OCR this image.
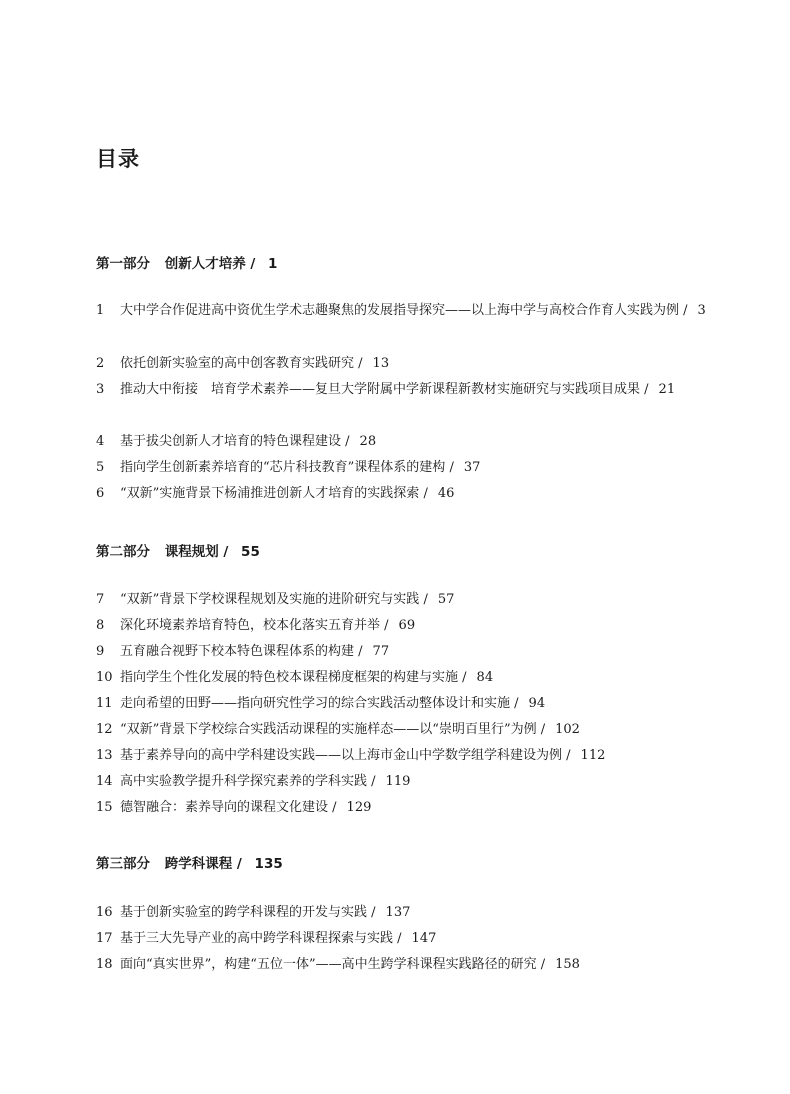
目录
第一部分 创新人才培养 / 1
1	大中学合作促进高中资优生学术志趣聚焦的发展指导探究——以上海中学与高校合作育人实践为例 / 3
2	依托创新实验室的高中创客教育实践研究 / 13
3	推动大中衔接　培育学术素养——复旦大学附属中学新课程新教材实施研究与实践项目成果 / 21
4	基于拔尖创新人才培育的特色课程建设 / 28
5	指向学生创新素养培育的“芯片科技教育”课程体系的建构 / 37
6	“双新”实施背景下杨浦推进创新人才培育的实践探索 / 46
第二部分 课程规划 / 55
7	“双新”背景下学校课程规划及实施的进阶研究与实践 / 57
8	深化环境素养培育特色，校本化落实五育并举 / 69
9	五育融合视野下校本特色课程体系的构建 / 77
10 指向学生个性化发展的特色校本课程梯度框架的构建与实施 / 84
11 走向希望的田野——指向研究性学习的综合实践活动整体设计和实施 / 94
12 “双新”背景下学校综合实践活动课程的实施样态——以“崇明百里行”为例 / 102
13 基于素养导向的高中学科建设实践——以上海市金山中学数学组学科建设为例 / 112
14 高中实验教学提升科学探究素养的学科实践 / 119
15 德智融合：素养导向的课程文化建设 / 129
第三部分 跨学科课程 / 135
16 基于创新实验室的跨学科课程的开发与实践 / 137
17 基于三大先导产业的高中跨学科课程探索与实践 / 147
18 面向“真实世界”，构建“五位一体”——高中生跨学科课程实践路径的研究 / 158
